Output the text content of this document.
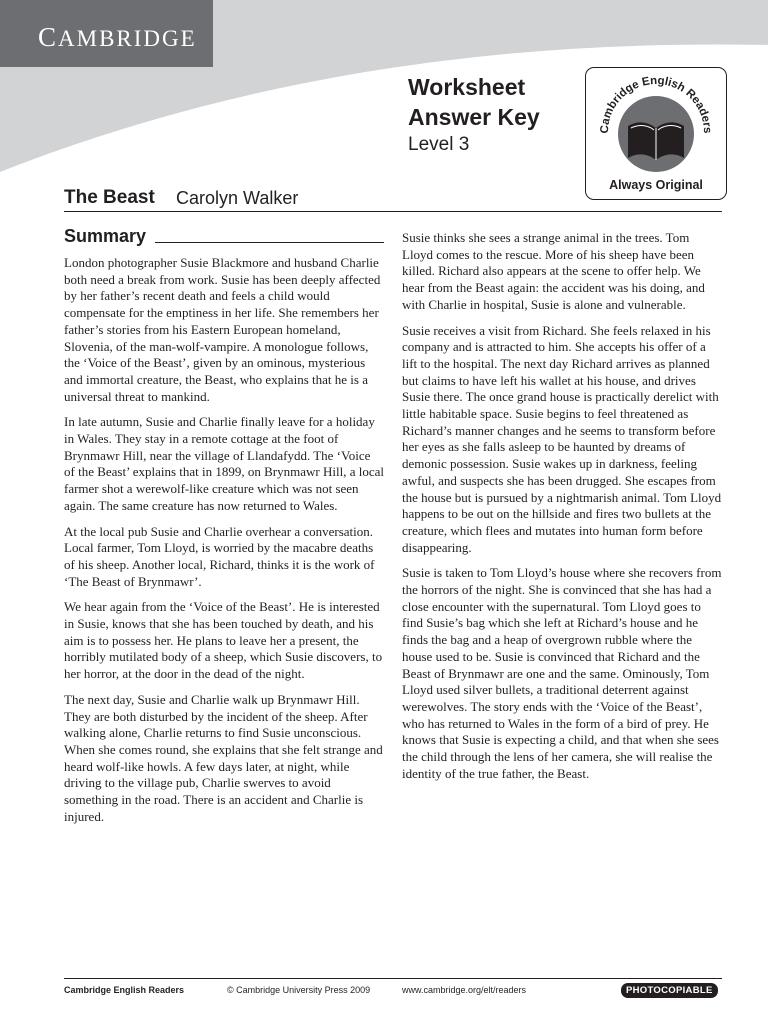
CAMBRIDGE
Worksheet
Answer Key
Level 3
Cambridge English Readers
Always Original
The Beast Carolyn Walker
Summary

London photographer Susie Blackmore and husband Charlie both need a break from work. Susie has been deeply affected by her father’s recent death and feels a child would compensate for the emptiness in her life. She remembers her father’s stories from his Eastern European homeland, Slovenia, of the man-wolf-vampire. A monologue follows, the ‘Voice of the Beast’, given by an ominous, mysterious and immortal creature, the Beast, who explains that he is a universal threat to mankind.

In late autumn, Susie and Charlie finally leave for a holiday in Wales. They stay in a remote cottage at the foot of Brynmawr Hill, near the village of Llandafydd. The ‘Voice of the Beast’ explains that in 1899, on Brynmawr Hill, a local farmer shot a werewolf-like creature which was not seen again. The same creature has now returned to Wales.

At the local pub Susie and Charlie overhear a conversation. Local farmer, Tom Lloyd, is worried by the macabre deaths of his sheep. Another local, Richard, thinks it is the work of ‘The Beast of Brynmawr’.

We hear again from the ‘Voice of the Beast’. He is interested in Susie, knows that she has been touched by death, and his aim is to possess her. He plans to leave her a present, the horribly mutilated body of a sheep, which Susie discovers, to her horror, at the door in the dead of the night.

The next day, Susie and Charlie walk up Brynmawr Hill. They are both disturbed by the incident of the sheep. After walking alone, Charlie returns to find Susie unconscious. When she comes round, she explains that she felt strange and heard wolf-like howls. A few days later, at night, while driving to the village pub, Charlie swerves to avoid something in the road. There is an accident and Charlie is injured.

Susie thinks she sees a strange animal in the trees. Tom Lloyd comes to the rescue. More of his sheep have been killed. Richard also appears at the scene to offer help. We hear from the Beast again: the accident was his doing, and with Charlie in hospital, Susie is alone and vulnerable.

Susie receives a visit from Richard. She feels relaxed in his company and is attracted to him. She accepts his offer of a lift to the hospital. The next day Richard arrives as planned but claims to have left his wallet at his house, and drives Susie there. The once grand house is practically derelict with little habitable space. Susie begins to feel threatened as Richard’s manner changes and he seems to transform before her eyes as she falls asleep to be haunted by dreams of demonic possession. Susie wakes up in darkness, feeling awful, and suspects she has been drugged. She escapes from the house but is pursued by a nightmarish animal. Tom Lloyd happens to be out on the hillside and fires two bullets at the creature, which flees and mutates into human form before disappearing.

Susie is taken to Tom Lloyd’s house where she recovers from the horrors of the night. She is convinced that she has had a close encounter with the supernatural. Tom Lloyd goes to find Susie’s bag which she left at Richard’s house and he finds the bag and a heap of overgrown rubble where the house used to be. Susie is convinced that Richard and the Beast of Brynmawr are one and the same. Ominously, Tom Lloyd used silver bullets, a traditional deterrent against werewolves. The story ends with the ‘Voice of the Beast’, who has returned to Wales in the form of a bird of prey. He knows that Susie is expecting a child, and that when she sees the child through the lens of her camera, she will realise the identity of the true father, the Beast.

Cambridge English Readers	© Cambridge University Press 2009	www.cambridge.org/elt/readers	PHOTOCOPIABLE
